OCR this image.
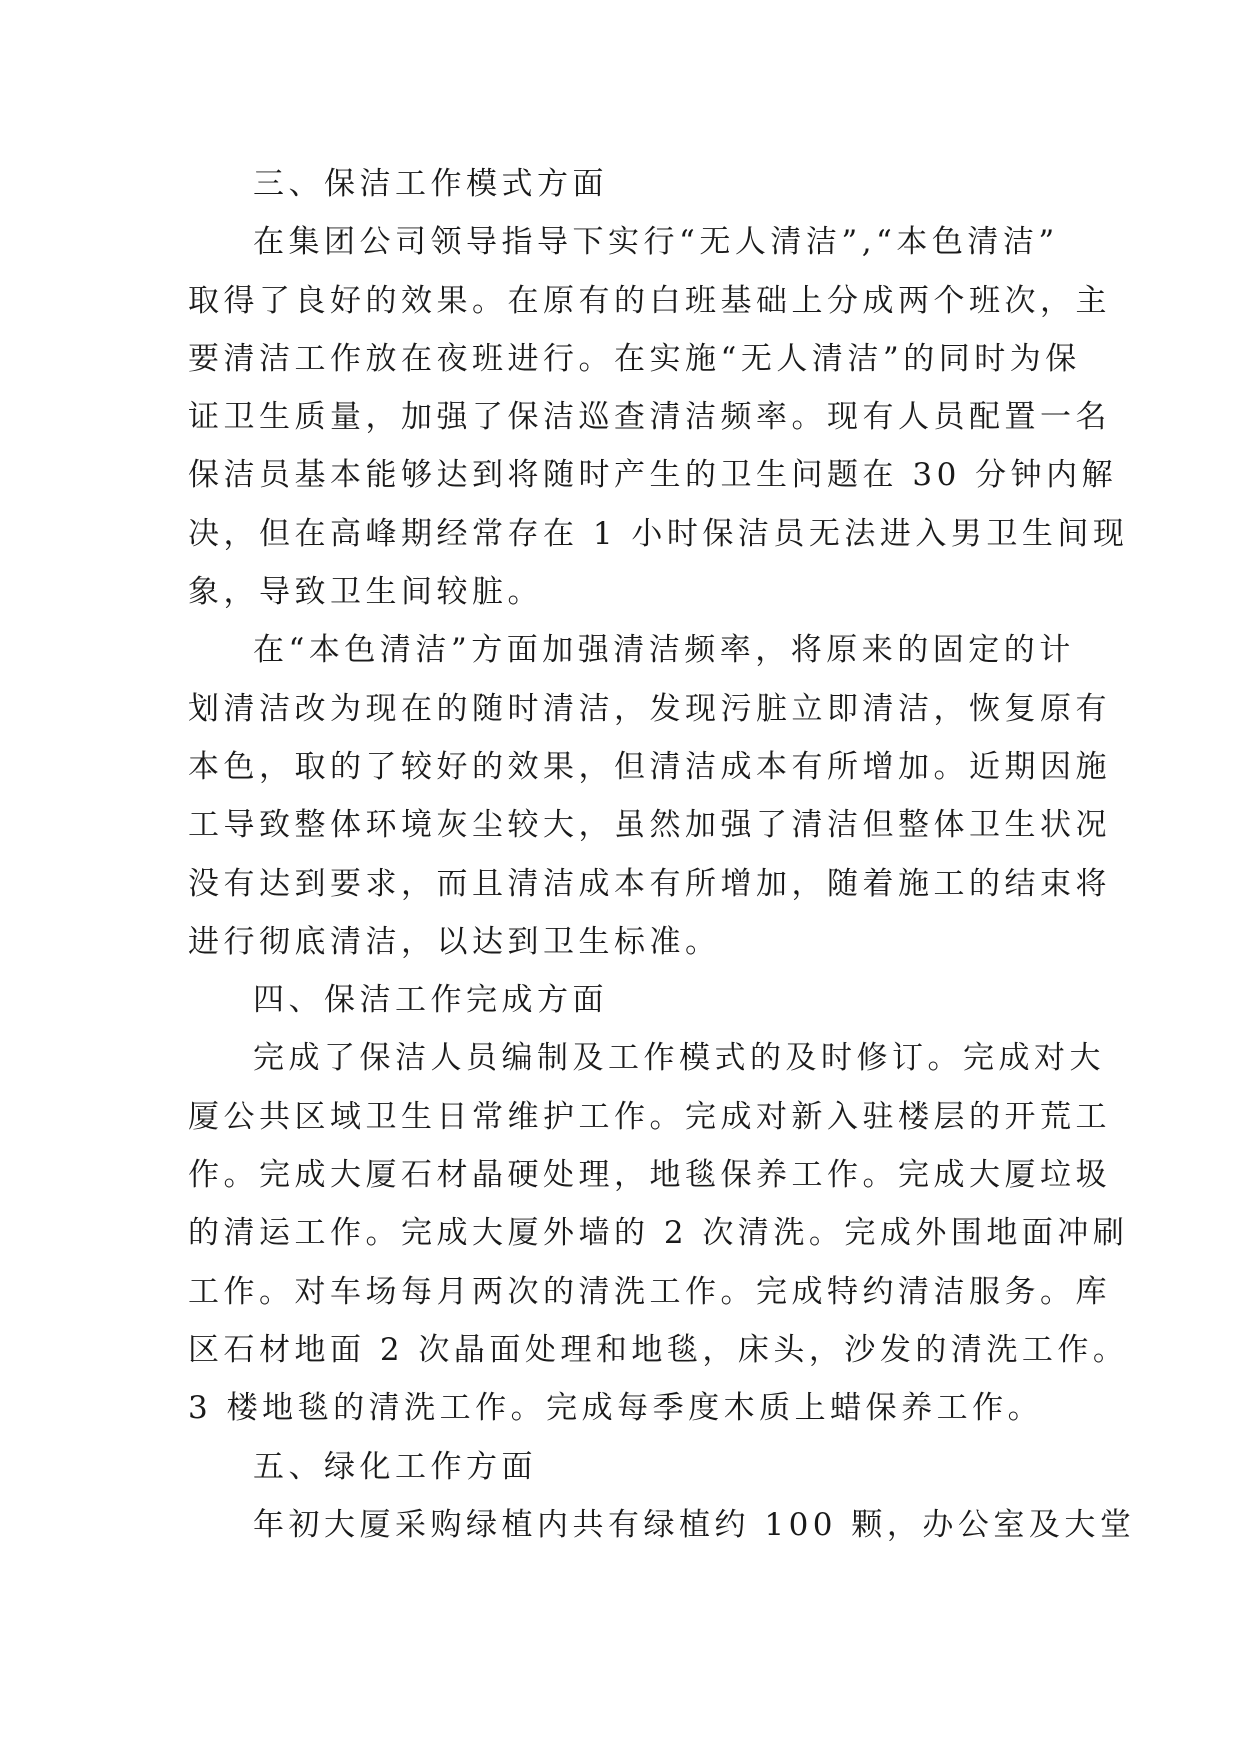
三、保洁工作模式方面
在集团公司领导指导下实行“无人清洁”,“本色清洁”
取得了良好的效果。在原有的白班基础上分成两个班次，主
要清洁工作放在夜班进行。在实施“无人清洁”的同时为保
证卫生质量，加强了保洁巡查清洁频率。现有人员配置一名
保洁员基本能够达到将随时产生的卫生问题在 30 分钟内解
决，但在高峰期经常存在 1 小时保洁员无法进入男卫生间现
象，导致卫生间较脏。
在“本色清洁”方面加强清洁频率，将原来的固定的计
划清洁改为现在的随时清洁，发现污脏立即清洁，恢复原有
本色，取的了较好的效果，但清洁成本有所增加。近期因施
工导致整体环境灰尘较大，虽然加强了清洁但整体卫生状况
没有达到要求，而且清洁成本有所增加，随着施工的结束将
进行彻底清洁，以达到卫生标准。
四、保洁工作完成方面
完成了保洁人员编制及工作模式的及时修订。完成对大
厦公共区域卫生日常维护工作。完成对新入驻楼层的开荒工
作。完成大厦石材晶硬处理，地毯保养工作。完成大厦垃圾
的清运工作。完成大厦外墙的 2 次清洗。完成外围地面冲刷
工作。对车场每月两次的清洗工作。完成特约清洁服务。库
区石材地面 2 次晶面处理和地毯，床头，沙发的清洗工作。
3 楼地毯的清洗工作。完成每季度木质上蜡保养工作。
五、绿化工作方面
年初大厦采购绿植内共有绿植约 100 颗，办公室及大堂
